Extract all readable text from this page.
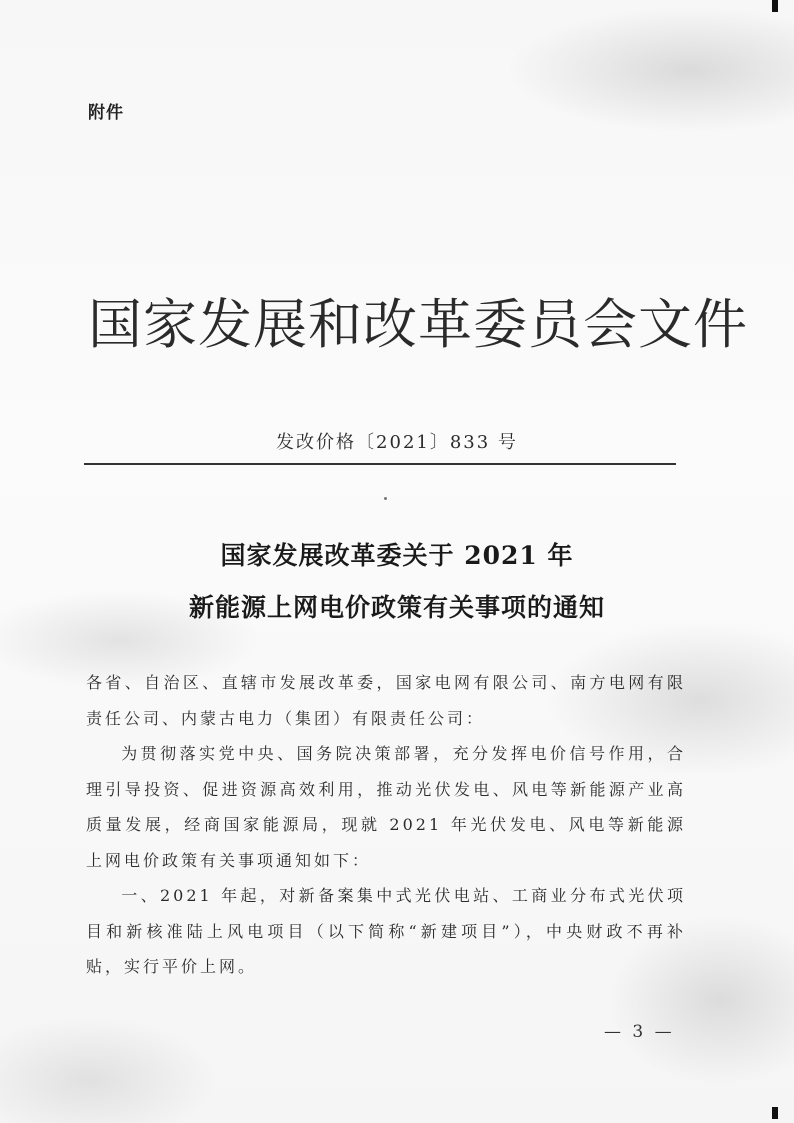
附件
国家发展和改革委员会文件
发改价格〔2021〕833 号
国家发展改革委关于 2021 年
新能源上网电价政策有关事项的通知

各省、自治区、直辖市发展改革委，国家电网有限公司、南方电网有限责任公司、内蒙古电力（集团）有限责任公司：

为贯彻落实党中央、国务院决策部署，充分发挥电价信号作用，合理引导投资、促进资源高效利用，推动光伏发电、风电等新能源产业高质量发展，经商国家能源局，现就 2021 年光伏发电、风电等新能源上网电价政策有关事项通知如下：

一、2021 年起，对新备案集中式光伏电站、工商业分布式光伏项目和新核准陆上风电项目（以下简称“新建项目”），中央财政不再补贴，实行平价上网。

— 3 —
